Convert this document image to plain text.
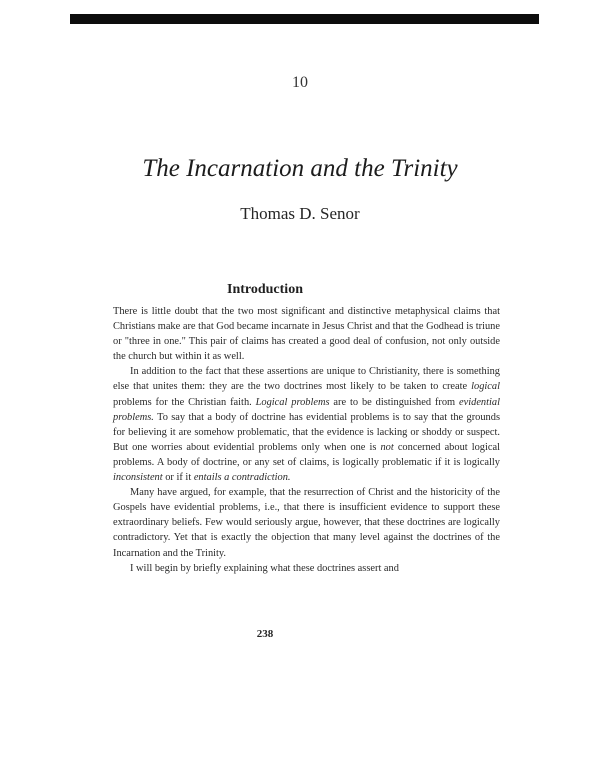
10
The Incarnation and the Trinity
Thomas D. Senor
Introduction

There is little doubt that the two most significant and distinctive metaphysical claims that Christians make are that God became incarnate in Jesus Christ and that the Godhead is triune or "three in one." This pair of claims has created a good deal of confusion, not only outside the church but within it as well.

In addition to the fact that these assertions are unique to Christianity, there is something else that unites them: they are the two doctrines most likely to be taken to create logical problems for the Christian faith. Logical problems are to be distinguished from evidential problems. To say that a body of doctrine has evidential problems is to say that the grounds for believing it are somehow problematic, that the evidence is lacking or shoddy or suspect. But one worries about evidential problems only when one is not concerned about logical problems. A body of doctrine, or any set of claims, is logically problematic if it is logically inconsistent or if it entails a contradiction.

Many have argued, for example, that the resurrection of Christ and the historicity of the Gospels have evidential problems, i.e., that there is insufficient evidence to support these extraordinary beliefs. Few would seriously argue, however, that these doctrines are logically contradictory. Yet that is exactly the objection that many level against the doctrines of the Incarnation and the Trinity.

I will begin by briefly explaining what these doctrines assert and

238
